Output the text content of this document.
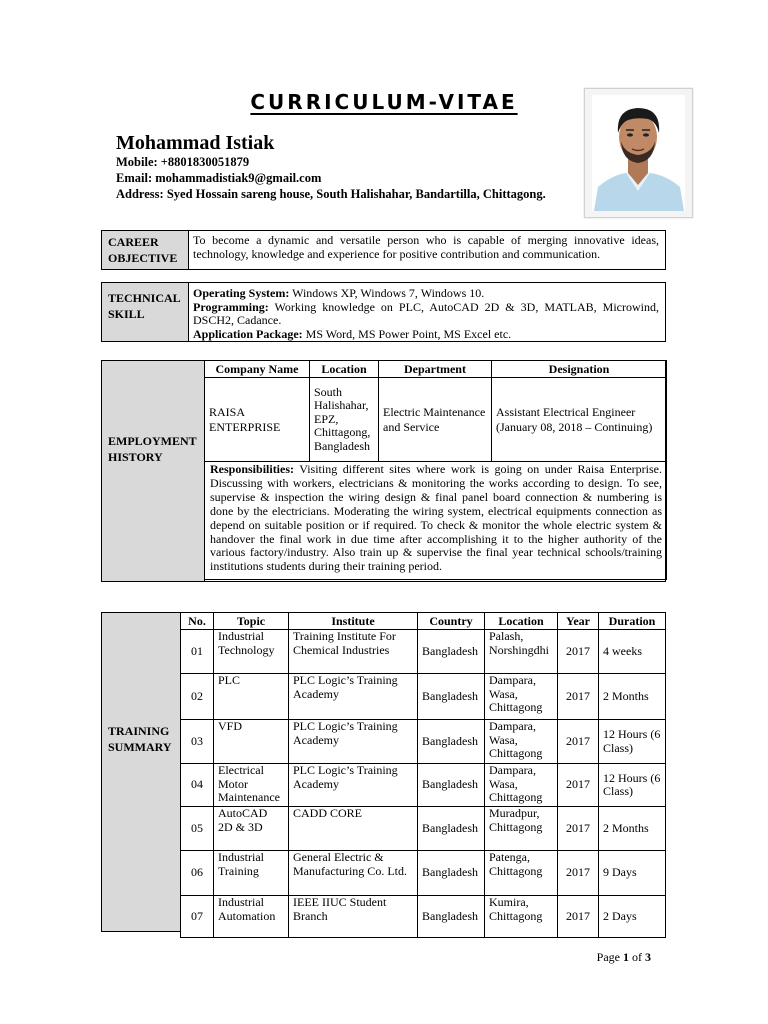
CURRICULUM-VITAE
Mohammad Istiak
Mobile: +8801830051879
Email: mohammadistiak9@gmail.com
Address: Syed Hossain sareng house, South Halishahar, Bandartilla, Chittagong.
CAREER OBJECTIVE
To become a dynamic and versatile person who is capable of merging innovative ideas, technology, knowledge and experience for positive contribution and communication.
TECHNICAL SKILL
Operating System: Windows XP, Windows 7, Windows 10.
Programming: Working knowledge on PLC, AutoCAD 2D & 3D, MATLAB, Microwind, DSCH2, Cadance.
Application Package: MS Word, MS Power Point, MS Excel etc.
EMPLOYMENT HISTORY
Company Name	Location	Department	Designation

RAISA ENTERPRISE	South Halishahar, EPZ, Chittagong, Bangladesh	Electric Maintenance and Service	Assistant Electrical Engineer (January 08, 2018 – Continuing)
Responsibilities: Visiting different sites where work is going on under Raisa Enterprise. Discussing with workers, electricians & monitoring the works according to design. To see, supervise & inspection the wiring design & final panel board connection & numbering is done by the electricians. Moderating the wiring system, electrical equipments connection as depend on suitable position or if required. To check & monitor the whole electric system & handover the final work in due time after accomplishing it to the higher authority of the various factory/industry. Also train up & supervise the final year technical schools/training institutions students during their training period.			
TRAINING SUMMARY
No.	Topic	Institute	Country	Location	Year	Duration
01	Industrial Technology	Training Institute For Chemical Industries	Bangladesh	Palash, Norshingdhi	2017	4 weeks
02	PLC	PLC Logic’s Training Academy	Bangladesh	Dampara, Wasa, Chittagong	2017	2 Months
03	VFD	PLC Logic’s Training Academy	Bangladesh	Dampara, Wasa, Chittagong	2017	12 Hours (6 Class)
04	Electrical Motor Maintenance	PLC Logic’s Training Academy	Bangladesh	Dampara, Wasa, Chittagong	2017	12 Hours (6 Class)
05	AutoCAD 2D & 3D	CADD CORE	Bangladesh	Muradpur, Chittagong	2017	2 Months
06	Industrial Training	General Electric & Manufacturing Co. Ltd.	Bangladesh	Patenga, Chittagong	2017	9 Days
07	Industrial Automation	IEEE IIUC Student Branch	Bangladesh	Kumira, Chittagong	2017	2 Days
Page 1 of 3
